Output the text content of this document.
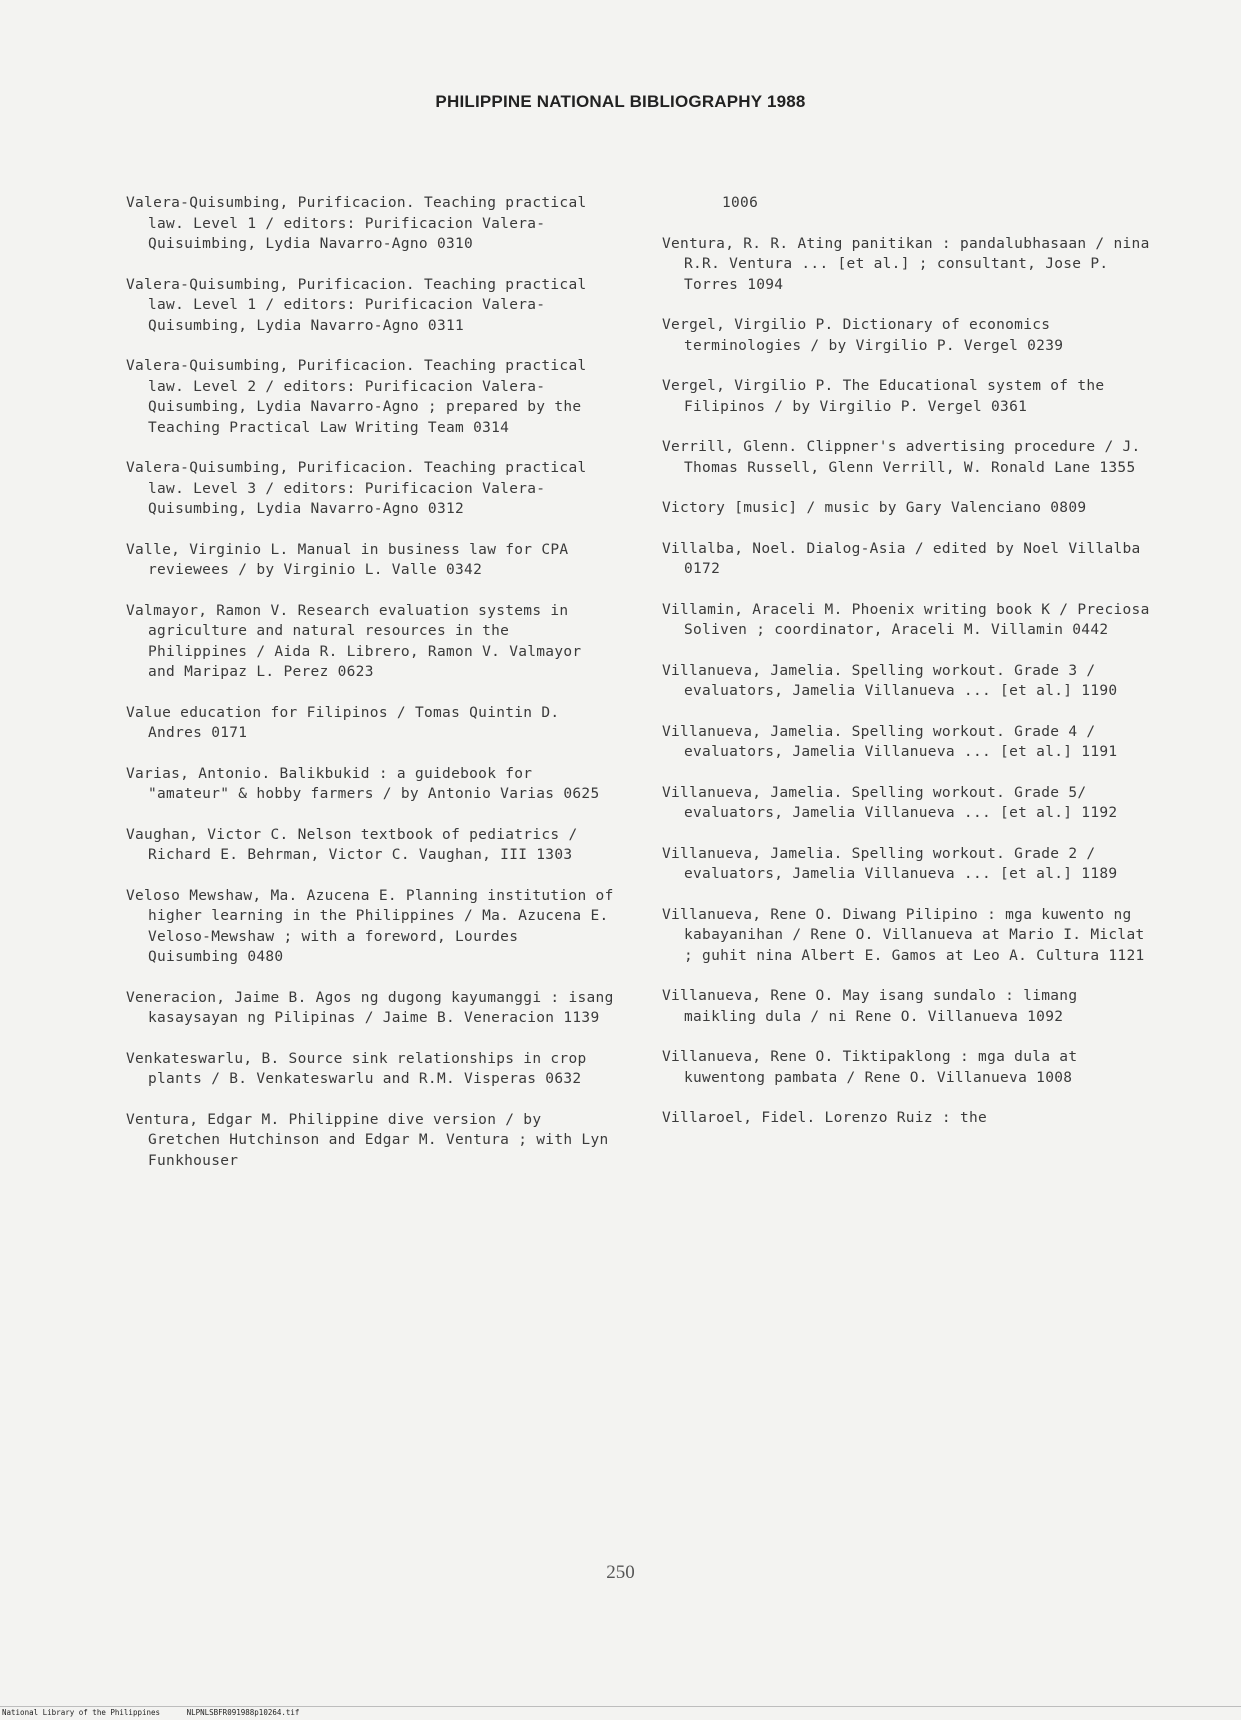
PHILIPPINE NATIONAL BIBLIOGRAPHY 1988

Valera-Quisumbing, Purificacion. Teaching practical law. Level 1 / editors: Purificacion Valera-Quisuimbing, Lydia Navarro-Agno 0310

Valera-Quisumbing, Purificacion. Teaching practical law. Level 1 / editors: Purificacion Valera-Quisumbing, Lydia Navarro-Agno 0311

Valera-Quisumbing, Purificacion. Teaching practical law. Level 2 / editors: Purificacion Valera-Quisumbing, Lydia Navarro-Agno ; prepared by the Teaching Practical Law Writing Team 0314

Valera-Quisumbing, Purificacion. Teaching practical law. Level 3 / editors: Purificacion Valera-Quisumbing, Lydia Navarro-Agno 0312

Valle, Virginio L. Manual in business law for CPA reviewees / by Virginio L. Valle 0342

Valmayor, Ramon V. Research evaluation systems in agriculture and natural resources in the Philippines / Aida R. Librero, Ramon V. Valmayor and Maripaz L. Perez 0623

Value education for Filipinos / Tomas Quintin D. Andres 0171

Varias, Antonio. Balikbukid : a guidebook for "amateur" & hobby farmers / by Antonio Varias 0625

Vaughan, Victor C. Nelson textbook of pediatrics / Richard E. Behrman, Victor C. Vaughan, III 1303

Veloso Mewshaw, Ma. Azucena E. Planning institution of higher learning in the Philippines / Ma. Azucena E. Veloso-Mewshaw ; with a foreword, Lourdes Quisumbing 0480

Veneracion, Jaime B. Agos ng dugong kayumanggi : isang kasaysayan ng Pilipinas / Jaime B. Veneracion 1139

Venkateswarlu, B. Source sink relationships in crop plants / B. Venkateswarlu and R.M. Visperas 0632

Ventura, Edgar M. Philippine dive version / by Gretchen Hutchinson and Edgar M. Ventura ; with Lyn Funkhouser

1006

Ventura, R. R. Ating panitikan : pandalubhasaan / nina R.R. Ventura ... [et al.] ; consultant, Jose P. Torres 1094

Vergel, Virgilio P. Dictionary of economics terminologies / by Virgilio P. Vergel 0239

Vergel, Virgilio P. The Educational system of the Filipinos / by Virgilio P. Vergel 0361

Verrill, Glenn. Clippner's advertising procedure / J. Thomas Russell, Glenn Verrill, W. Ronald Lane 1355

Victory [music] / music by Gary Valenciano 0809

Villalba, Noel. Dialog-Asia / edited by Noel Villalba 0172

Villamin, Araceli M. Phoenix writing book K / Preciosa Soliven ; coordinator, Araceli M. Villamin 0442

Villanueva, Jamelia. Spelling workout. Grade 3 / evaluators, Jamelia Villanueva ... [et al.] 1190

Villanueva, Jamelia. Spelling workout. Grade 4 / evaluators, Jamelia Villanueva ... [et al.] 1191

Villanueva, Jamelia. Spelling workout. Grade 5/ evaluators, Jamelia Villanueva ... [et al.] 1192

Villanueva, Jamelia. Spelling workout. Grade 2 / evaluators, Jamelia Villanueva ... [et al.] 1189

Villanueva, Rene O. Diwang Pilipino : mga kuwento ng kabayanihan / Rene O. Villanueva at Mario I. Miclat ; guhit nina Albert E. Gamos at Leo A. Cultura 1121

Villanueva, Rene O. May isang sundalo : limang maikling dula / ni Rene O. Villanueva 1092

Villanueva, Rene O. Tiktipaklong : mga dula at kuwentong pambata / Rene O. Villanueva 1008

Villaroel, Fidel. Lorenzo Ruiz : the

250
National Library of the Philippines	NLPNLSBFR091988p10264.tif
